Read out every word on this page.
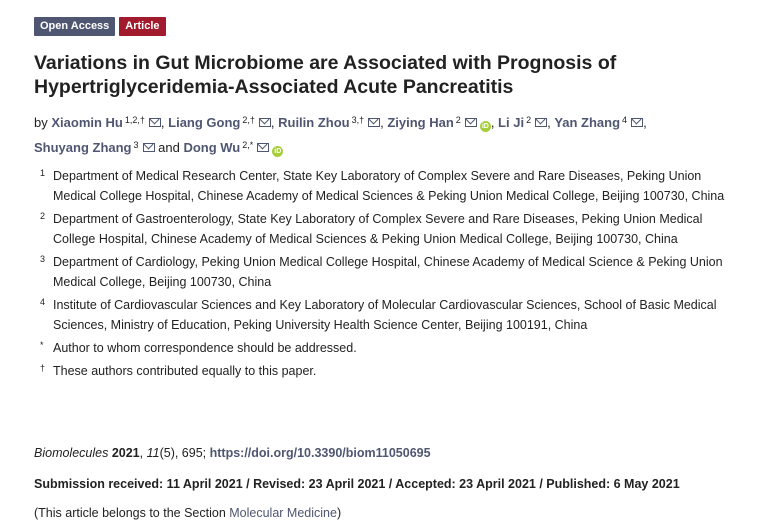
Open Access	Article
Variations in Gut Microbiome are Associated with Prognosis of
Hypertriglyceridemia-Associated Acute Pancreatitis
by Xiaomin Hu $^{1,2,\dagger}$ , Liang Gong $^{2,\dagger}$ , Ruilin Zhou $^{3,\dagger}$ , Ziying Han $^2$iD , Li Ji $^2$ , Yan Zhang $^4$ ,
Shuyang Zhang $^3$ and Dong Wu $^{2,*}$iD
1 Department of Medical Research Center, State Key Laboratory of Complex Severe and Rare Diseases, Peking Union Medical College Hospital, Chinese Academy of Medical Sciences & Peking Union Medical College, Beijing 100730, China
2 Department of Gastroenterology, State Key Laboratory of Complex Severe and Rare Diseases, Peking Union Medical College Hospital, Chinese Academy of Medical Sciences & Peking Union Medical College, Beijing 100730, China
3 Department of Cardiology, Peking Union Medical College Hospital, Chinese Academy of Medical Science & Peking Union Medical College, Beijing 100730, China
4 Institute of Cardiovascular Sciences and Key Laboratory of Molecular Cardiovascular Sciences, School of Basic Medical Sciences, Ministry of Education, Peking University Health Science Center, Beijing 100191, China
* Author to whom correspondence should be addressed.
† These authors contributed equally to this paper.
Biomolecules 2021, 11(5), 695; https://doi.org/10.3390/biom11050695
Submission received: 11 April 2021 / Revised: 23 April 2021 / Accepted: 23 April 2021 / Published: 6 May 2021
(This article belongs to the Section Molecular Medicine)
